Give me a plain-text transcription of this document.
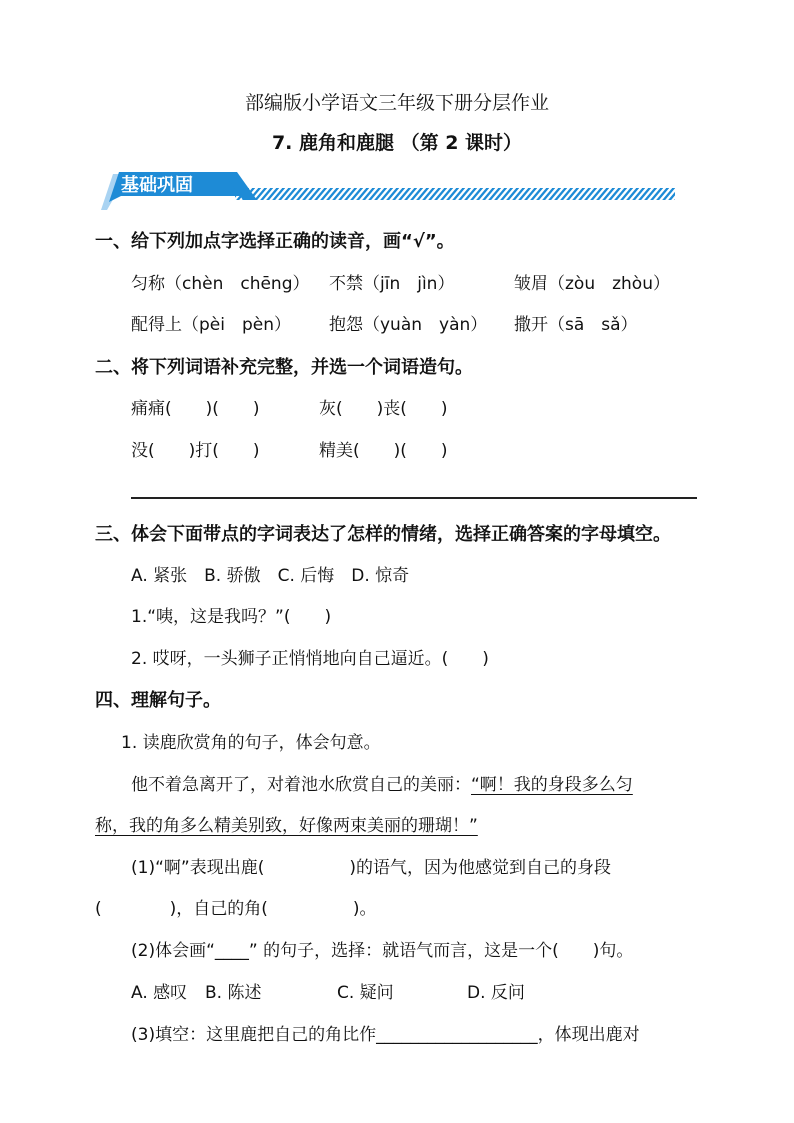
部编版小学语文三年级下册分层作业
7. 鹿角和鹿腿 （第 2 课时）
基础巩固
一、给下列加点字选择正确的读音，画“√”。
匀称（chèn　chēng） 不禁（jīn　jìn）	皱眉（zòu　zhòu）
配得上（pèi　pèn） 抱怨（yuàn　yàn） 撒开（sā　sǎ）
二、将下列词语补充完整，并选一个词语造句。
痛痛(　　)(　　)	灰(　　)丧(　　)
没(　　)打(　　)	精美(　　)(　　)
三、体会下面带点的字词表达了怎样的情绪，选择正确答案的字母填空。
A. 紧张　B. 骄傲　C. 后悔　D. 惊奇
1.“咦，这是我吗？”(　　)
2. 哎呀，一头狮子正悄悄地向自己逼近。(　　)
四、理解句子。
1. 读鹿欣赏角的句子，体会句意。
他不着急离开了，对着池水欣赏自己的美丽：“啊！我的身段多么匀
称，我的角多么精美别致，好像两束美丽的珊瑚！”
(1)“啊”表现出鹿(　　　　　)的语气，因为他感觉到自己的身段
(　　　　)，自己的角(　　　　　)。
(2)体会画“____” 的句子，选择：就语气而言，这是一个(　　)句。
A. 感叹 B. 陈述	C. 疑问	D. 反问
(3)填空：这里鹿把自己的角比作___________________，体现出鹿对
